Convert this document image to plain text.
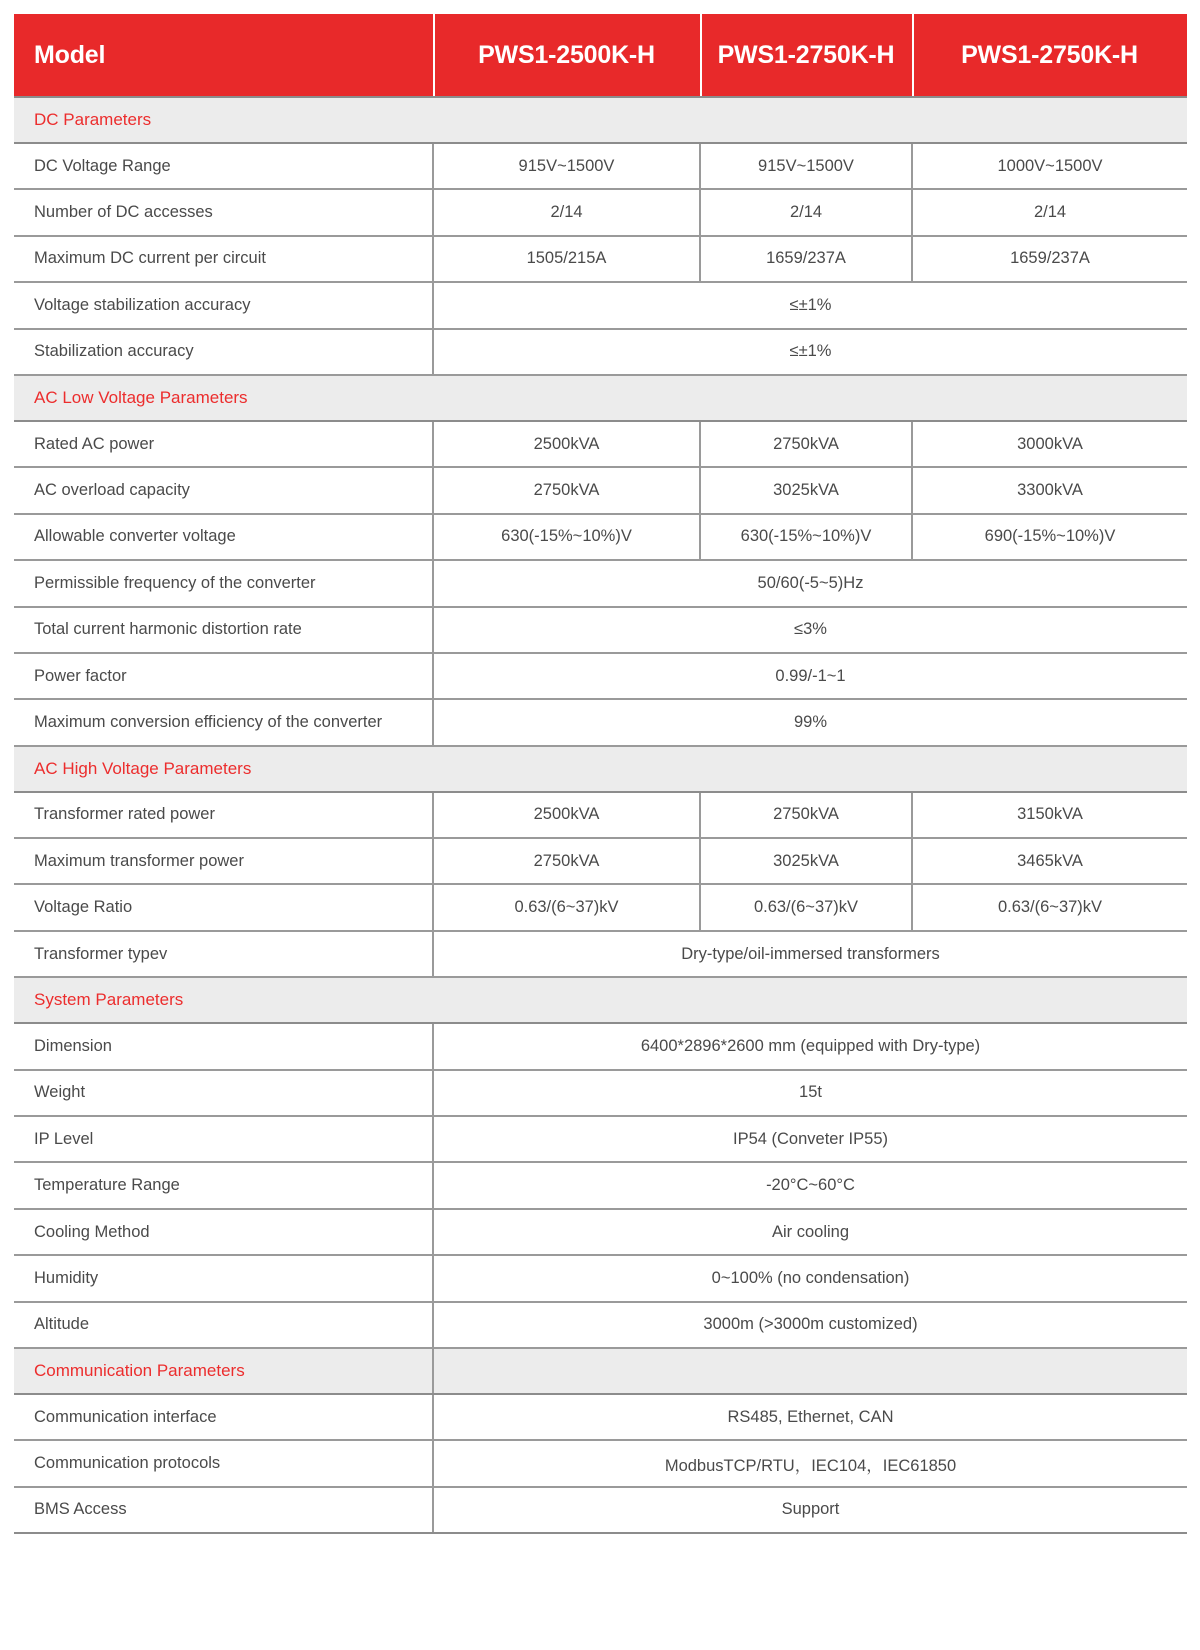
Model	PWS1-2500K-H	PWS1-2750K-H	PWS1-2750K-H
DC Parameters			
DC Voltage Range	915V~1500V	915V~1500V	1000V~1500V
Number of DC accesses	2/14	2/14	2/14
Maximum DC current per circuit	1505/215A	1659/237A	1659/237A
Voltage stabilization accuracy	≤±1%		
Stabilization accuracy	≤±1%		
AC Low Voltage Parameters			
Rated AC power	2500kVA	2750kVA	3000kVA
AC overload capacity	2750kVA	3025kVA	3300kVA
Allowable converter voltage	630(-15%~10%)V	630(-15%~10%)V	690(-15%~10%)V
Permissible frequency of the converter	50/60(-5~5)Hz		
Total current harmonic distortion rate	≤3%		
Power factor	0.99/-1~1		
Maximum conversion efficiency of the converter	99%		
AC High Voltage Parameters			
Transformer rated power	2500kVA	2750kVA	3150kVA
Maximum transformer power	2750kVA	3025kVA	3465kVA
Voltage Ratio	0.63/(6~37)kV	0.63/(6~37)kV	0.63/(6~37)kV
Transformer typev	Dry-type/oil-immersed transformers		
System Parameters			
Dimension	6400*2896*2600 mm (equipped with Dry-type)		
Weight	15t		
IP Level	IP54 (Conveter IP55)		
Temperature Range	-20°C~60°C		
Cooling Method	Air cooling		
Humidity	0~100% (no condensation)		
Altitude	3000m (>3000m customized)		
Communication Parameters			
Communication interface	RS485, Ethernet, CAN		
Communication protocols	ModbusTCP/RTU，IEC104，IEC61850		
BMS Access	Support		
